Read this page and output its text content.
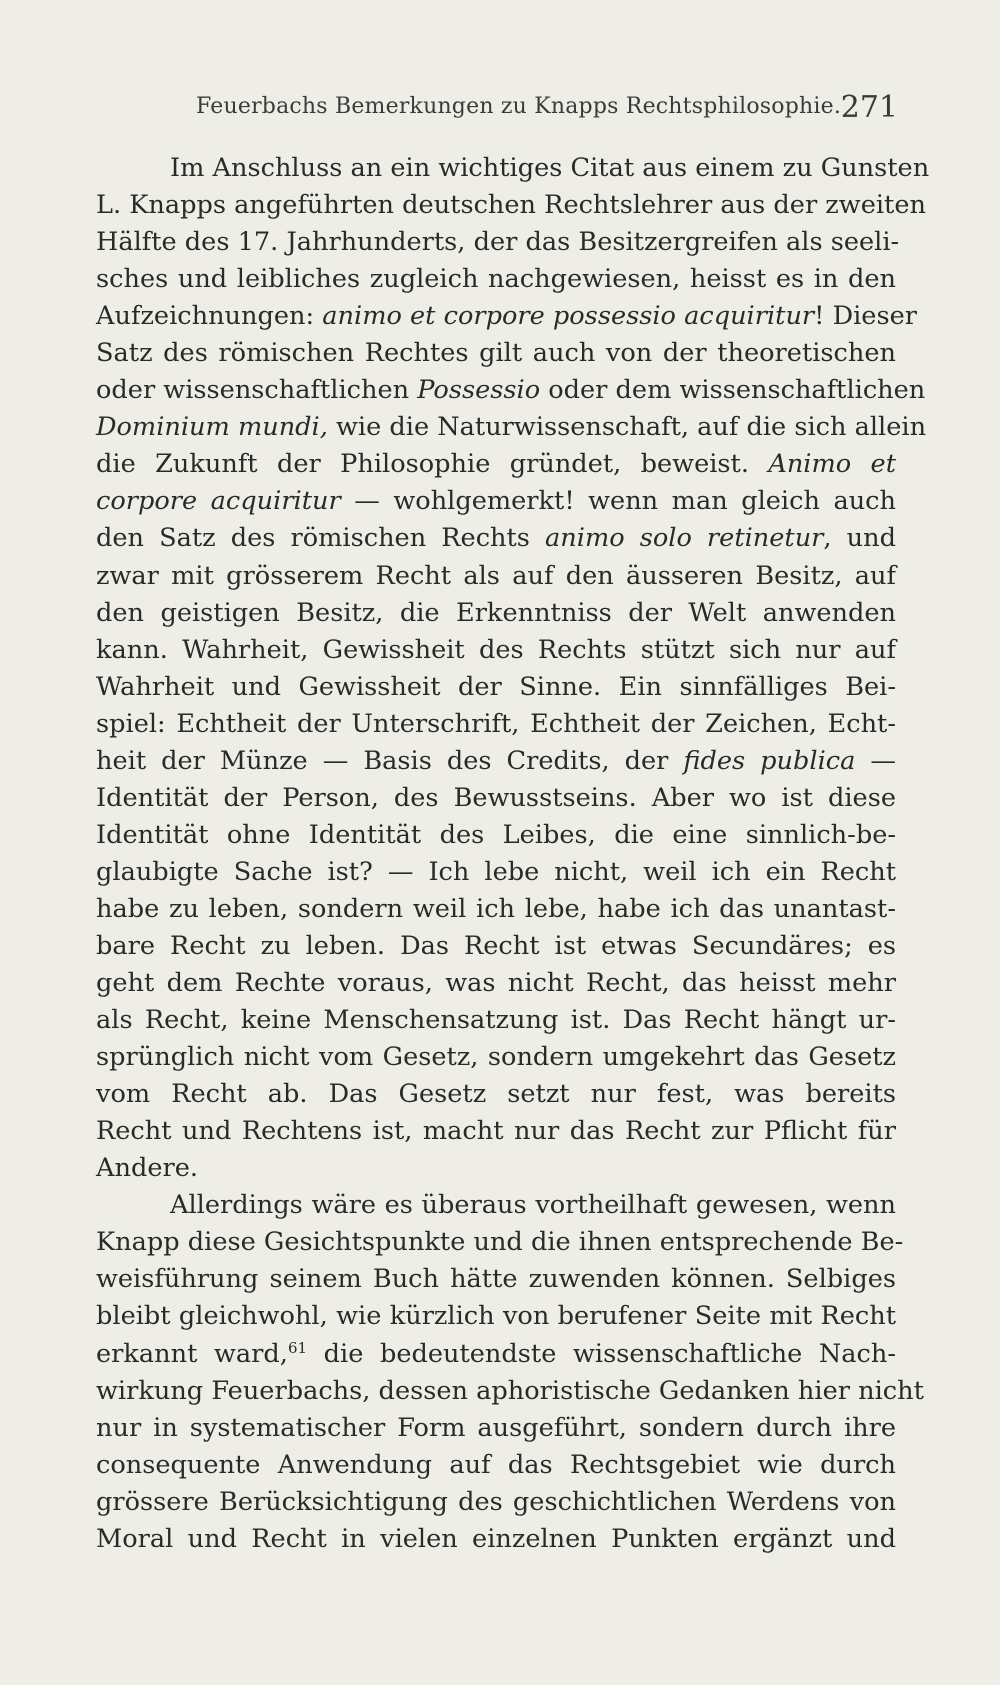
Feuerbachs Bemerkungen zu Knapps Rechtsphilosophie. 271
Im Anschluss an ein wichtiges Citat aus einem zu Gunsten
L. Knapps angeführten deutschen Rechtslehrer aus der zweiten
Hälfte des 17. Jahrhunderts, der das Besitzergreifen als seeli-
sches und leibliches zugleich nachgewiesen, heisst es in den
Aufzeichnungen: animo et corpore possessio acquiritur! Dieser
Satz des römischen Rechtes gilt auch von der theoretischen
oder wissenschaftlichen Possessio oder dem wissenschaftlichen
Dominium mundi, wie die Naturwissenschaft, auf die sich allein
die Zukunft der Philosophie gründet, beweist. Animo et
corpore acquiritur — wohlgemerkt! wenn man gleich auch
den Satz des römischen Rechts animo solo retinetur, und
zwar mit grösserem Recht als auf den äusseren Besitz, auf
den geistigen Besitz, die Erkenntniss der Welt anwenden
kann. Wahrheit, Gewissheit des Rechts stützt sich nur auf
Wahrheit und Gewissheit der Sinne. Ein sinnfälliges Bei-
spiel: Echtheit der Unterschrift, Echtheit der Zeichen, Echt-
heit der Münze — Basis des Credits, der fides publica —
Identität der Person, des Bewusstseins. Aber wo ist diese
Identität ohne Identität des Leibes, die eine sinnlich-be-
glaubigte Sache ist? — Ich lebe nicht, weil ich ein Recht
habe zu leben, sondern weil ich lebe, habe ich das unantast-
bare Recht zu leben. Das Recht ist etwas Secundäres; es
geht dem Rechte voraus, was nicht Recht, das heisst mehr
als Recht, keine Menschensatzung ist. Das Recht hängt ur-
sprünglich nicht vom Gesetz, sondern umgekehrt das Gesetz
vom Recht ab. Das Gesetz setzt nur fest, was bereits
Recht und Rechtens ist, macht nur das Recht zur Pflicht für
Andere.
Allerdings wäre es überaus vortheilhaft gewesen, wenn
Knapp diese Gesichtspunkte und die ihnen entsprechende Be-
weisführung seinem Buch hätte zuwenden können. Selbiges
bleibt gleichwohl, wie kürzlich von berufener Seite mit Recht
erkannt ward,$^{61}$ die bedeutendste wissenschaftliche Nach-
wirkung Feuerbachs, dessen aphoristische Gedanken hier nicht
nur in systematischer Form ausgeführt, sondern durch ihre
consequente Anwendung auf das Rechtsgebiet wie durch
grössere Berücksichtigung des geschichtlichen Werdens von
Moral und Recht in vielen einzelnen Punkten ergänzt und
